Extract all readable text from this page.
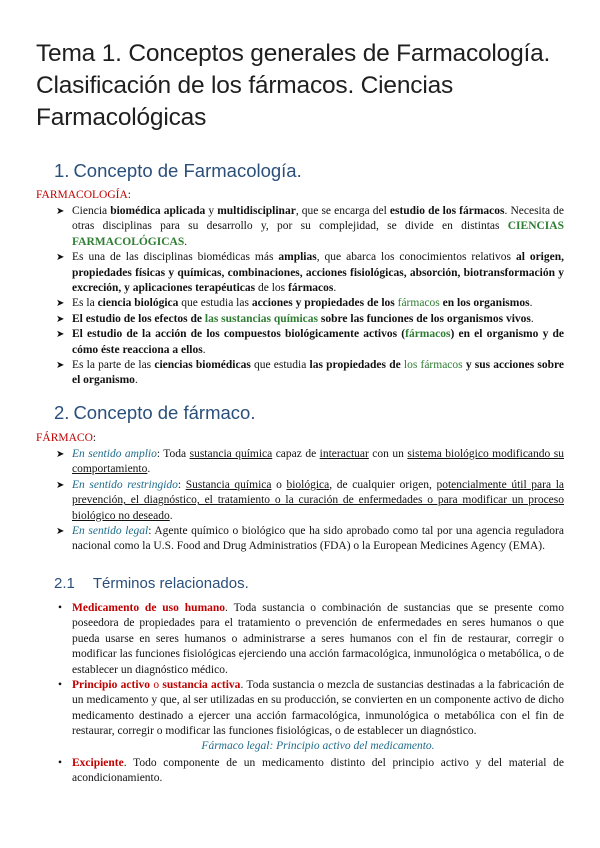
Tema 1. Conceptos generales de Farmacología.
Clasificación de los fármacos. Ciencias
Farmacológicas
1. Concepto de Farmacología.
FARMACOLOGÍA:
➤ Ciencia biomédica aplicada y multidisciplinar, que se encarga del estudio de los fármacos. Necesita de otras disciplinas para su desarrollo y, por su complejidad, se divide en distintas CIENCIAS FARMACOLÓGICAS.
➤ Es una de las disciplinas biomédicas más amplias, que abarca los conocimientos relativos al origen, propiedades físicas y químicas, combinaciones, acciones fisiológicas, absorción, biotransformación y excreción, y aplicaciones terapéuticas de los fármacos.
➤ Es la ciencia biológica que estudia las acciones y propiedades de los fármacos en los organismos.
➤ El estudio de los efectos de las sustancias químicas sobre las funciones de los organismos vivos.
➤ El estudio de la acción de los compuestos biológicamente activos (fármacos) en el organismo y de cómo éste reacciona a ellos.
➤ Es la parte de las ciencias biomédicas que estudia las propiedades de los fármacos y sus acciones sobre el organismo.
2. Concepto de fármaco.
FÁRMACO:
➤ En sentido amplio: Toda sustancia química capaz de interactuar con un sistema biológico modificando su comportamiento.
➤ En sentido restringido: Sustancia química o biológica, de cualquier origen, potencialmente útil para la prevención, el diagnóstico, el tratamiento o la curación de enfermedades o para modificar un proceso biológico no deseado.
➤ En sentido legal: Agente químico o biológico que ha sido aprobado como tal por una agencia reguladora nacional como la U.S. Food and Drug Administratios (FDA) o la European Medicines Agency (EMA).
2.1 Términos relacionados.
• Medicamento de uso humano. Toda sustancia o combinación de sustancias que se presente como poseedora de propiedades para el tratamiento o prevención de enfermedades en seres humanos o que pueda usarse en seres humanos o administrarse a seres humanos con el fin de restaurar, corregir o modificar las funciones fisiológicas ejerciendo una acción farmacológica, inmunológica o metabólica, o de establecer un diagnóstico médico.
• Principio activo o sustancia activa. Toda sustancia o mezcla de sustancias destinadas a la fabricación de un medicamento y que, al ser utilizadas en su producción, se convierten en un componente activo de dicho medicamento destinado a ejercer una acción farmacológica, inmunológica o metabólica con el fin de restaurar, corregir o modificar las funciones fisiológicas, o de establecer un diagnóstico.
• Excipiente. Todo componente de un medicamento distinto del principio activo y del material de acondicionamiento.
Fármaco legal: Principio activo del medicamento.
